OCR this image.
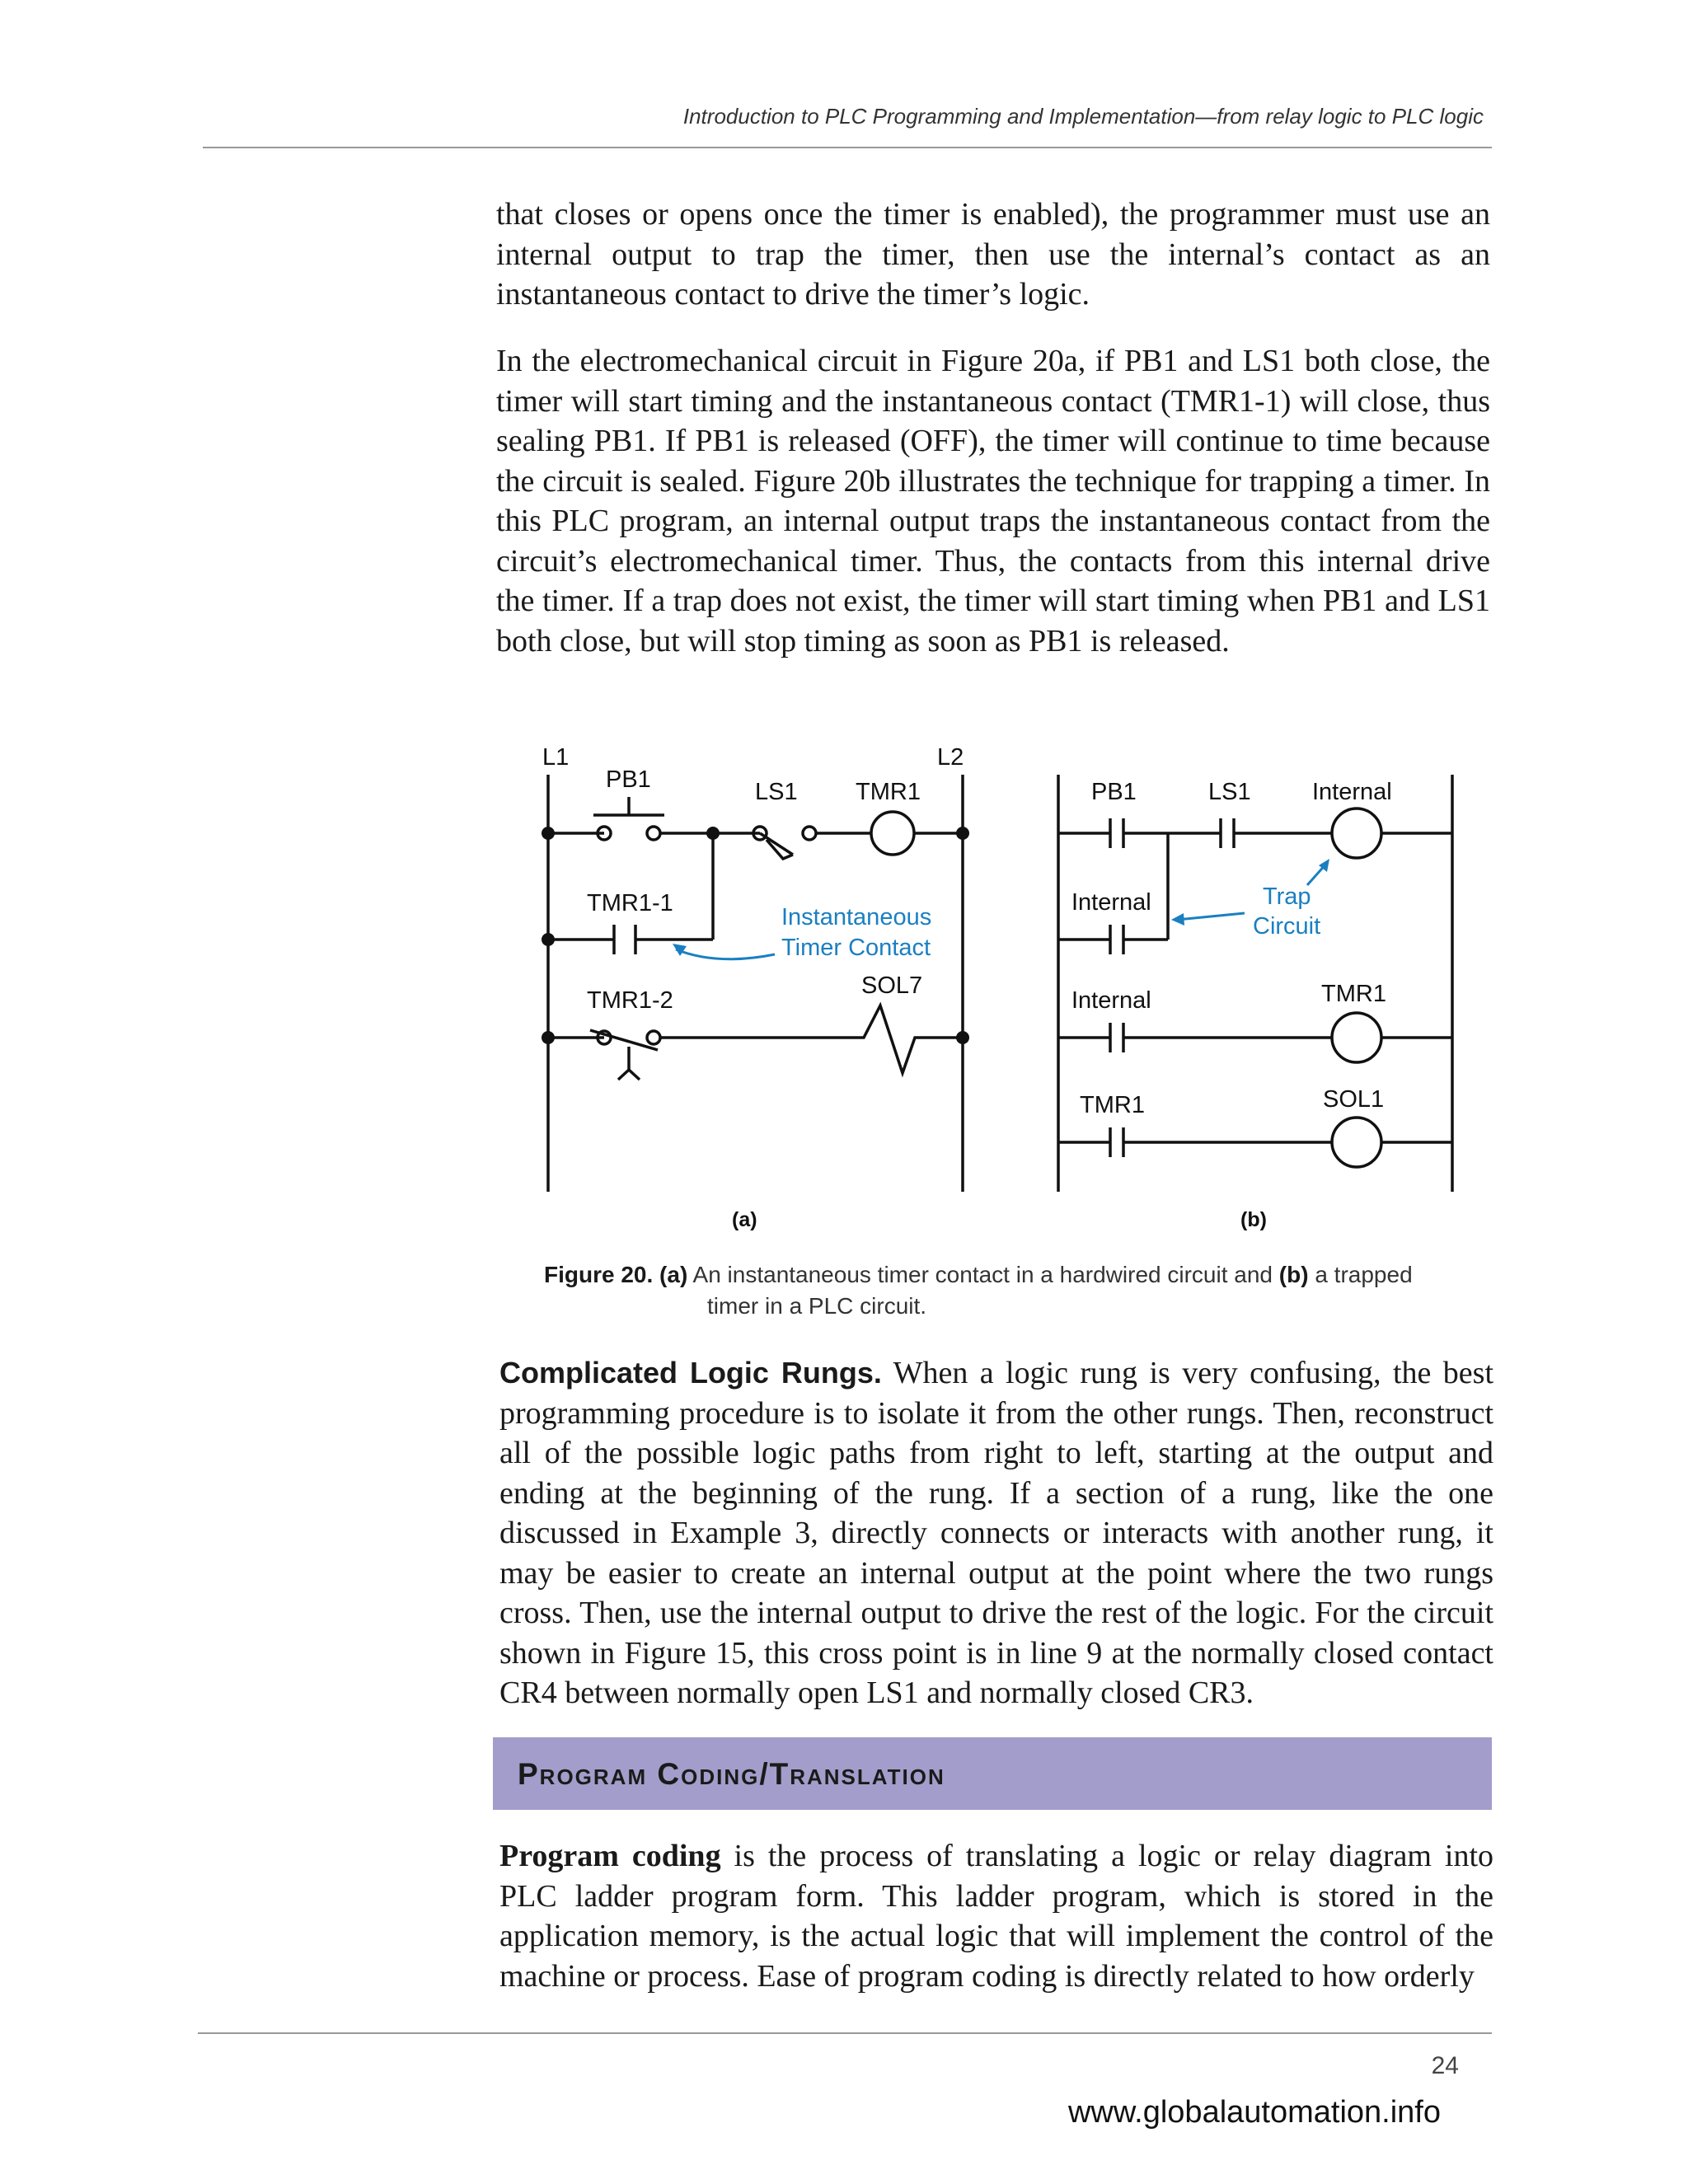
Introduction to PLC Programming and Implementation—from relay logic to PLC logic

that closes or opens once the timer is enabled), the programmer must use an internal output to trap the timer, then use the internal’s contact as an instantaneous contact to drive the timer’s logic.

In the electromechanical circuit in Figure 20a, if PB1 and LS1 both close, the timer will start timing and the instantaneous contact (TMR1-1) will close, thus sealing PB1. If PB1 is released (OFF), the timer will continue to time because the circuit is sealed. Figure 20b illustrates the technique for trapping a timer. In this PLC program, an internal output traps the instantaneous contact from the circuit’s electromechanical timer. Thus, the contacts from this internal drive the timer. If a trap does not exist, the timer will start timing when PB1 and LS1 both close, but will stop timing as soon as PB1 is released.

L1	L2
PB1	LS1 TMR1
TMR1-1
TMR1-2
SOL7
(a)
Instantaneous
Timer Contact
PB1	LS1	Internal
Internal
Internal	TMR1
TMR1	SOL1
(b)
Trap
Circuit
Figure 20. (a) An instantaneous timer contact in a hardwired circuit and (b) a trapped
timer in a PLC circuit.

Complicated Logic Rungs. When a logic rung is very confusing, the best programming procedure is to isolate it from the other rungs. Then, reconstruct all of the possible logic paths from right to left, starting at the output and ending at the beginning of the rung. If a section of a rung, like the one discussed in Example 3, directly connects or interacts with another rung, it may be easier to create an internal output at the point where the two rungs cross. Then, use the internal output to drive the rest of the logic. For the circuit shown in Figure 15, this cross point is in line 9 at the normally closed contact CR4 between normally open LS1 and normally closed CR3.

Program Coding/Translation

Program coding is the process of translating a logic or relay diagram into PLC ladder program form. This ladder program, which is stored in the application memory, is the actual logic that will implement the control of the machine or process. Ease of program coding is directly related to how orderly

24
www.globalautomation.info
